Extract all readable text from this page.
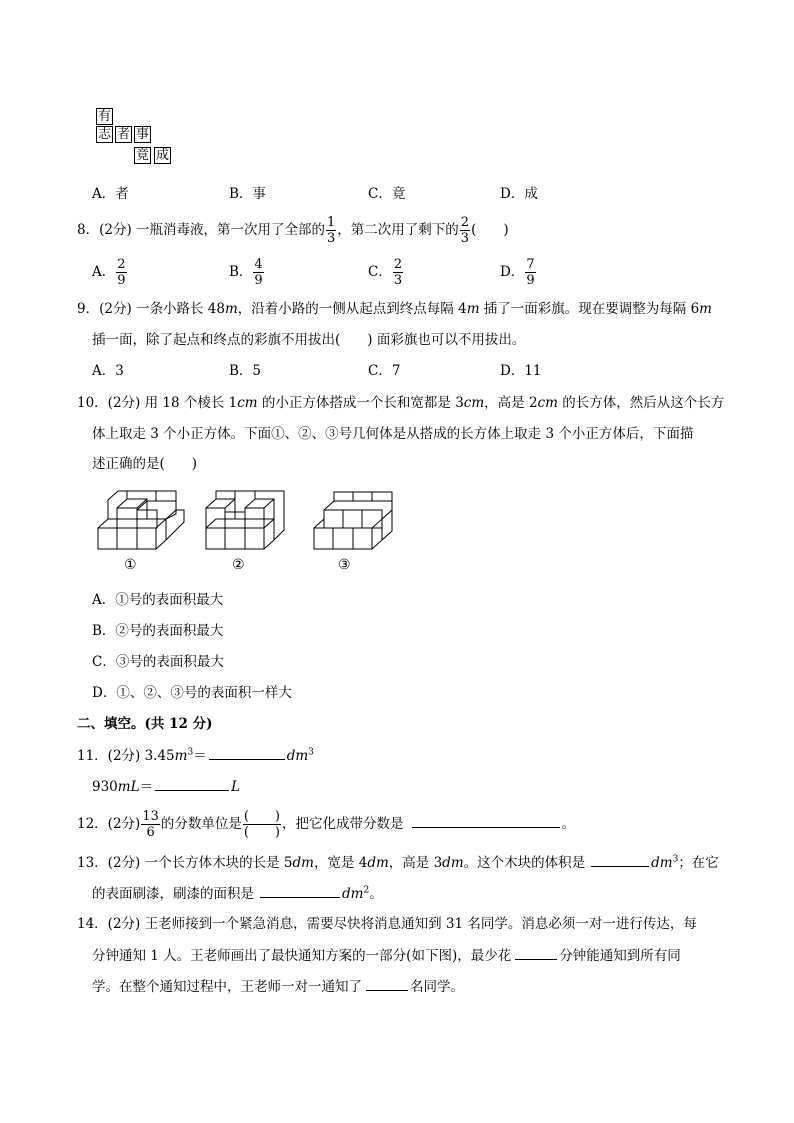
有
志 者 事
竟 成
A．者	B．事	C．竟	D．成
8．(2分) 一瓶消毒液，第一次用了全部的 $\frac{1}{3}$ ，第二次用了剩下的 $\frac{2}{3}$ (　　)
A． $\frac{2}{9}$	B． $\frac{4}{9}$	C． $\frac{2}{3}$	D． $\frac{7}{9}$
9．(2分) 一条小路长 48m，沿着小路的一侧从起点到终点每隔 4m 插了一面彩旗。现在要调整为每隔 6m
插一面，除了起点和终点的彩旗不用拔出(　　) 面彩旗也可以不用拔出。
A．3	B．5	C．7	D．11
10．(2分) 用 18 个棱长 1cm 的小正方体搭成一个长和宽都是 3cm，高是 2cm 的长方体，然后从这个长方
体上取走 3 个小正方体。下面①、②、③号几何体是从搭成的长方体上取走 3 个小正方体后，下面描
述正确的是(　　)
①	②	③
A．①号的表面积最大
B．②号的表面积最大
C．③号的表面积最大
D．①、②、③号的表面积一样大
二、填空。(共 12 分)
11．(2分) $3.45m^3=$	$dm^3$
930mL＝	L
12．(2分) $\frac{13}{6}$ 的分数单位是 $\frac{( )}{( )}$ ，把它化成带分数是	。
13．(2分) 一个长方体木块的长是 5dm，宽是 4dm，高是 3dm。这个木块的体积是	$dm^3$；在它
的表面刷漆，刷漆的面积是	$dm^2$。
14．(2分) 王老师接到一个紧急消息，需要尽快将消息通知到 31 名同学。消息必须一对一进行传达，每
分钟通知 1 人。王老师画出了最快通知方案的一部分(如下图)，最少花	分钟能通知到所有同
学。在整个通知过程中，王老师一对一通知了	名同学。
